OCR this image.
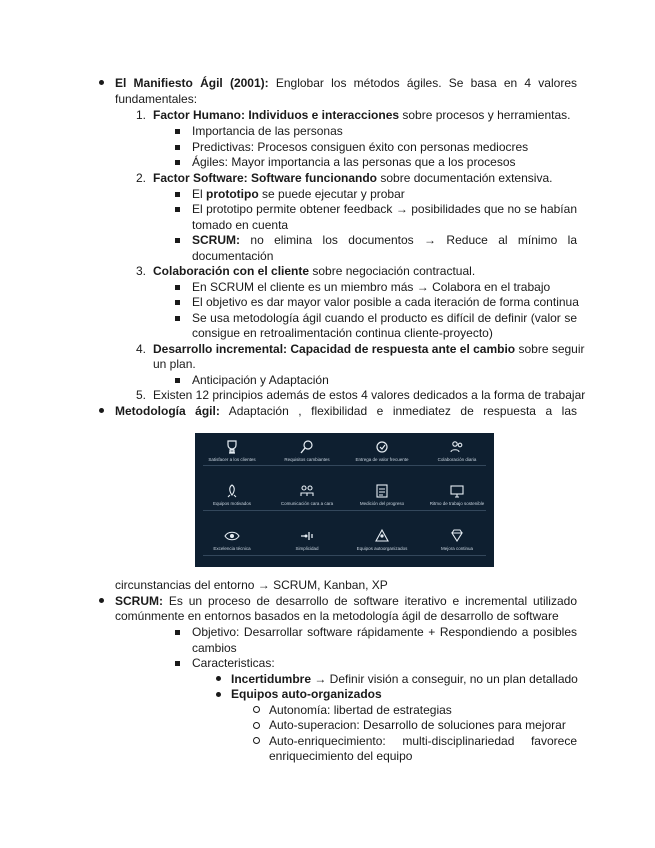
El Manifiesto Ágil (2001): Englobar los métodos ágiles. Se basa en 4 valores
fundamentales:
1. Factor Humano: Individuos e interacciones sobre procesos y herramientas.
Importancia de las personas
Predictivas: Procesos consiguen éxito con personas mediocres
Ágiles: Mayor importancia a las personas que a los procesos
2. Factor Software: Software funcionando sobre documentación extensiva.
El prototipo se puede ejecutar y probar
El prototipo permite obtener feedback → posibilidades que no se habían
tomado en cuenta
SCRUM: no elimina los documentos → Reduce al mínimo la
documentación
3. Colaboración con el cliente sobre negociación contractual.
En SCRUM el cliente es un miembro más → Colabora en el trabajo
El objetivo es dar mayor valor posible a cada iteración de forma continua
Se usa metodología ágil cuando el producto es difícil de definir (valor se
consigue en retroalimentación continua cliente-proyecto)
4. Desarrollo incremental: Capacidad de respuesta ante el cambio sobre seguir
un plan.
Anticipación y Adaptación
5. Existen 12 principios además de estos 4 valores dedicados a la forma de trabajar
Metodología ágil: Adaptación , flexibilidad e inmediatez de respuesta a las
Satisfacer a los clientes	Requisitos cambiantes	Entrega de valor frecuente	Colaboración diaria
Equipos motivados	Comunicación cara a cara	Medición del progreso	Ritmo de trabajo sostenible
Excelencia técnica	Simplicidad	Equipos autoorganizados	Mejora continua
circunstancias del entorno → SCRUM, Kanban, XP
SCRUM: Es un proceso de desarrollo de software iterativo e incremental utilizado
comúnmente en entornos basados en la metodología ágil de desarrollo de software
Objetivo: Desarrollar software rápidamente + Respondiendo a posibles
cambios
Caracteristicas:
Incertidumbre → Definir visión a conseguir, no un plan detallado
Equipos auto-organizados
Autonomía: libertad de estrategias
Auto-superacion: Desarrollo de soluciones para mejorar
Auto-enriquecimiento: multi-disciplinariedad favorece
enriquecimiento del equipo
